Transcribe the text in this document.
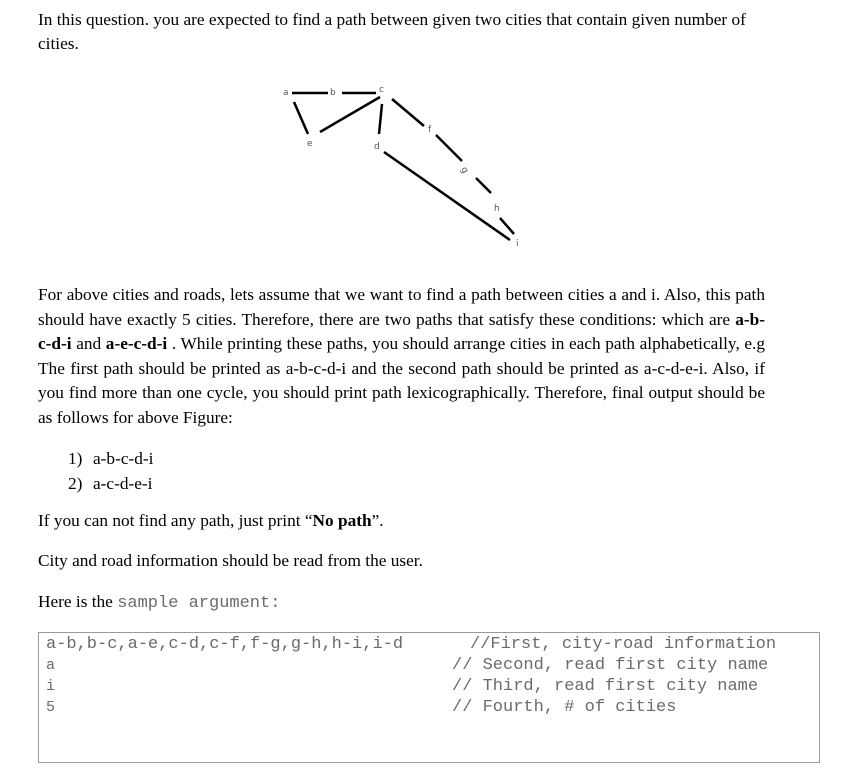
In this question. you are expected to find a path between given two cities that contain given number of cities.
a	b	c
d
e
f
g
h
i
For above cities and roads, lets assume that we want to find a path between cities a and i. Also, this path should have exactly 5 cities. Therefore, there are two paths that satisfy these conditions: which are a-b-c-d-i and a-e-c-d-i . While printing these paths, you should arrange cities in each path alphabetically, e.g The first path should be printed as a-b-c-d-i and the second path should be printed as a-c-d-e-i. Also, if you find more than one cycle, you should print path lexicographically. Therefore, final output should be as follows for above Figure:
1) a-b-c-d-i
2) a-c-d-e-i
If you can not find any path, just print “No path”.
City and road information should be read from the user.
Here is the sample argument:
a-b,b-c,a-e,c-d,c-f,f-g,g-h,h-i,i-d	//First, city-road information
a	// Second, read first city name
i	// Third, read first city name
5	// Fourth, # of cities
